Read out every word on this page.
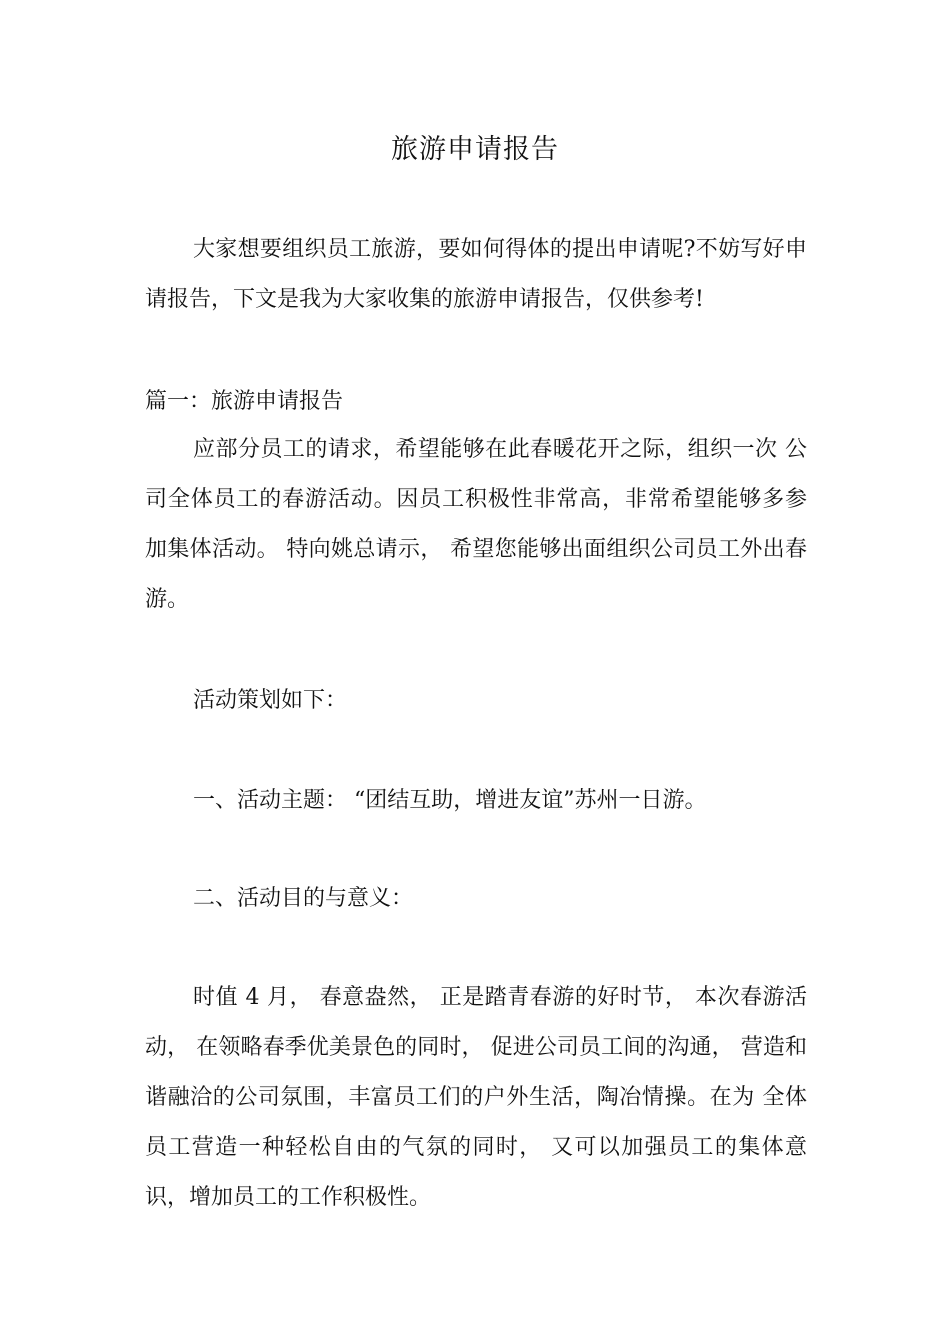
旅游申请报告

大家想要组织员工旅游，要如何得体的提出申请呢?不妨写好申请报告，下文是我为大家收集的旅游申请报告，仅供参考!

篇一：旅游申请报告

应部分员工的请求，希望能够在此春暖花开之际，组织一次 公司全体员工的春游活动。因员工积极性非常高，非常希望能够多参 加集体活动。 特向姚总请示， 希望您能够出面组织公司员工外出春游。

活动策划如下：

一、活动主题： “团结互助，增进友谊”苏州一日游。

二、活动目的与意义：

时值 4 月， 春意盎然， 正是踏青春游的好时节， 本次春游活动， 在领略春季优美景色的同时， 促进公司员工间的沟通， 营造和谐融洽的公司氛围，丰富员工们的户外生活，陶冶情操。在为 全体员工营造一种轻松自由的气氛的同时， 又可以加强员工的集体意 识，增加员工的工作积极性。
